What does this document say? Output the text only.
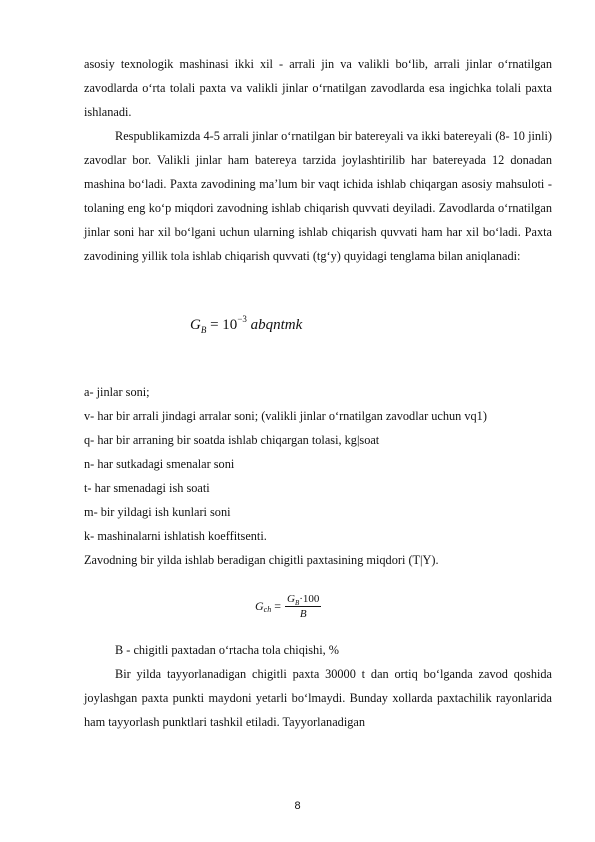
asosiy texnologik mashinasi ikki xil - arrali jin va valikli bo‘lib, arrali jinlar o‘rnatilgan zavodlarda o‘rta tolali paxta va valikli jinlar o‘rnatilgan zavodlarda esa ingichka tolali paxta ishlanadi.

Respublikamizda 4-5 arrali jinlar o‘rnatilgan bir batereyali va ikki batereyali (8- 10 jinli) zavodlar bor. Valikli jinlar ham batereya tarzida joylashtirilib har batereyada 12 donadan mashina bo‘ladi. Paxta zavodining ma’lum bir vaqt ichida ishlab chiqargan asosiy mahsuloti - tolaning eng ko‘p miqdori zavodning ishlab chiqarish quvvati deyiladi. Zavodlarda o‘rnatilgan jinlar soni har xil bo‘lgani uchun ularning ishlab chiqarish quvvati ham har xil bo‘ladi. Paxta zavodining yillik tola ishlab chiqarish quvvati (tg‘y) quyidagi tenglama bilan aniqlanadi:

$G_B = 10^{-3}$ abqntmk

a- jinlar soni;

v- har bir arrali jindagi arralar soni; (valikli jinlar o‘rnatilgan zavodlar uchun vq1)

q- har bir arraning bir soatda ishlab chiqargan tolasi, kg|soat

n- har sutkadagi smenalar soni

t- har smenadagi ish soati

m- bir yildagi ish kunlari soni

k- mashinalarni ishlatish koeffitsenti.

Zavodning bir yilda ishlab beradigan chigitli paxtasining miqdori (T|Y).

G ch = $\frac{G_B\cdot 100}{B}$

B - chigitli paxtadan o‘rtacha tola chiqishi, %

Bir yilda tayyorlanadigan chigitli paxta 30000 t dan ortiq bo‘lganda zavod qoshida joylashgan paxta punkti maydoni yetarli bo‘lmaydi. Bunday xollarda paxtachilik rayonlarida ham tayyorlash punktlari tashkil etiladi. Tayyorlanadigan

8
